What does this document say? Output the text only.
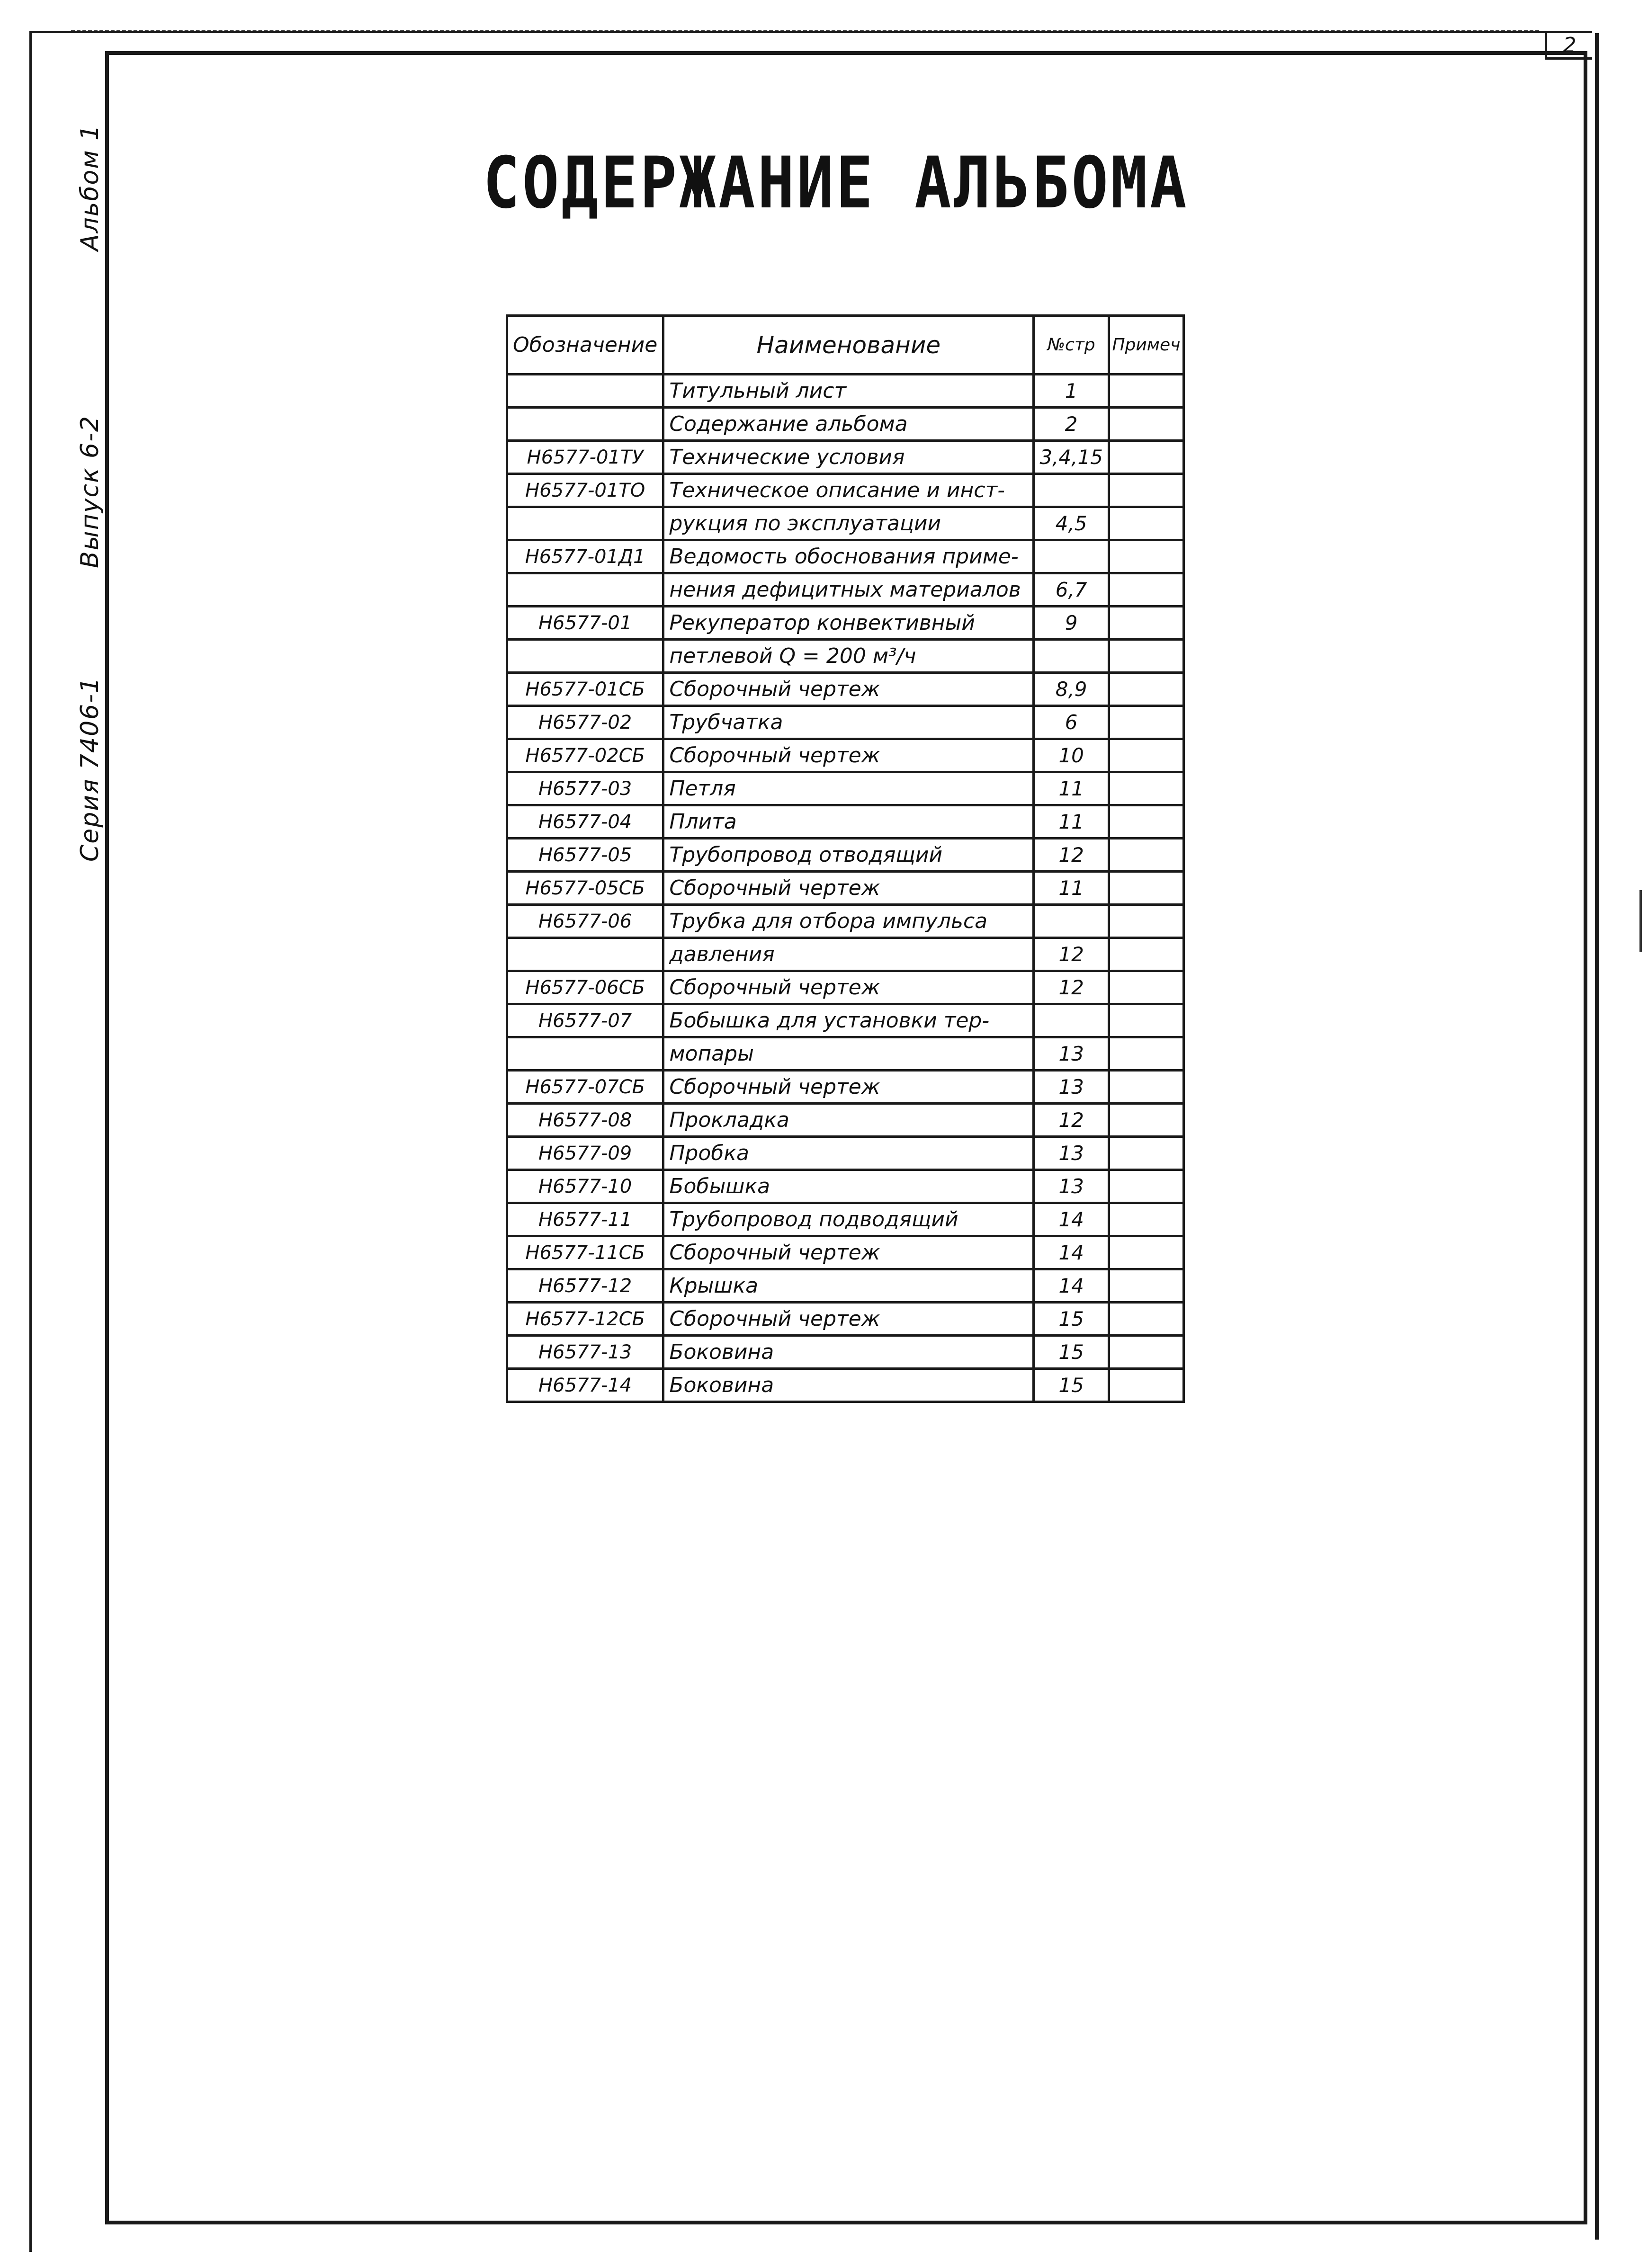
2
Альбом 1
Выпуск 6-2
Серия 7406-1
СОДЕРЖАНИЕ АЛЬБОМА
Обозначение	Наименование	№стр	Примеч
	Титульный лист	1	
	Содержание альбома	2	
Н6577-01ТУ	Технические условия	3,4,15	
Н6577-01ТО	Техническое описание и инст-		
	рукция по эксплуатации	4,5	
Н6577-01Д1	Ведомость обоснования приме-		
	нения дефицитных материалов	6,7	
Н6577-01	Рекуператор конвективный	9	
	петлевой Q = 200 м³/ч		
Н6577-01СБ	Сборочный чертеж	8,9	
Н6577-02	Трубчатка	6	
Н6577-02СБ	Сборочный чертеж	10	
Н6577-03	Петля	11	
Н6577-04	Плита	11	
Н6577-05	Трубопровод отводящий	12	
Н6577-05СБ	Сборочный чертеж	11	
Н6577-06	Трубка для отбора импульса		
	давления	12	
Н6577-06СБ	Сборочный чертеж	12	
Н6577-07	Бобышка для установки тер-		
	мопары	13	
Н6577-07СБ	Сборочный чертеж	13	
Н6577-08	Прокладка	12	
Н6577-09	Пробка	13	
Н6577-10	Бобышка	13	
Н6577-11	Трубопровод подводящий	14	
Н6577-11СБ	Сборочный чертеж	14	
Н6577-12	Крышка	14	
Н6577-12СБ	Сборочный чертеж	15	
Н6577-13	Боковина	15	
Н6577-14	Боковина	15	
